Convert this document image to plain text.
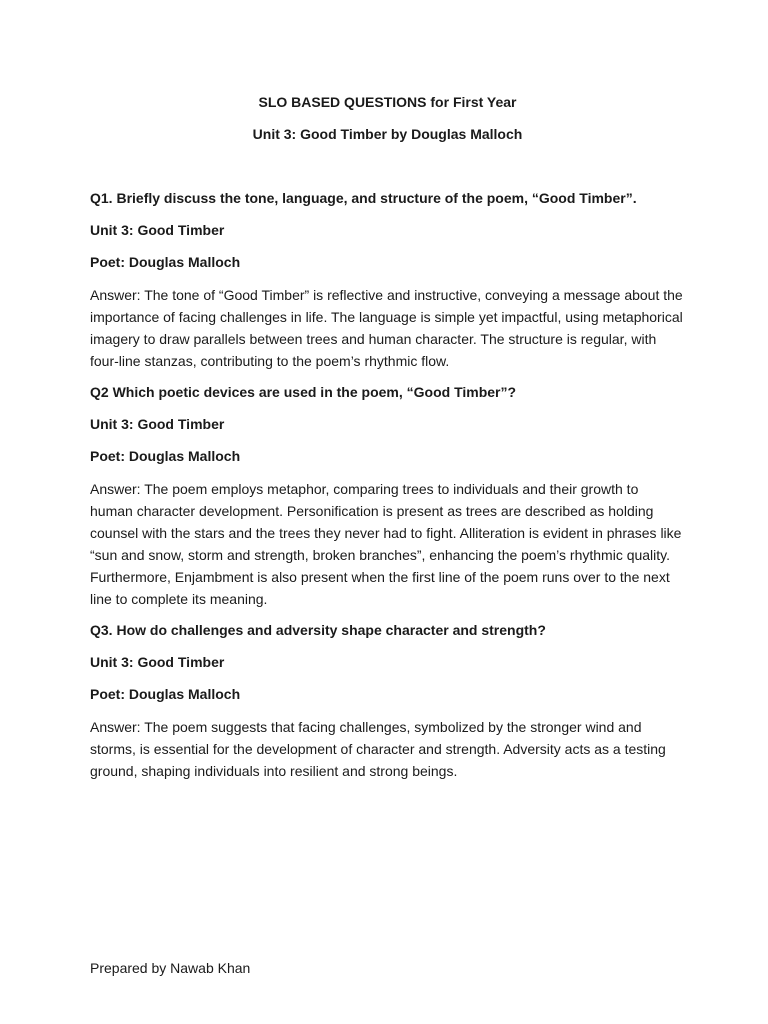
SLO BASED QUESTIONS for First Year

Unit 3: Good Timber by Douglas Malloch

Q1. Briefly discuss the tone, language, and structure of the poem, “Good Timber”.

Unit 3: Good Timber

Poet: Douglas Malloch

Answer: The tone of “Good Timber” is reflective and instructive, conveying a message about the importance of facing challenges in life. The language is simple yet impactful, using metaphorical imagery to draw parallels between trees and human character. The structure is regular, with four-line stanzas, contributing to the poem’s rhythmic flow.

Q2 Which poetic devices are used in the poem, “Good Timber”?

Unit 3: Good Timber

Poet: Douglas Malloch

Answer: The poem employs metaphor, comparing trees to individuals and their growth to human character development. Personification is present as trees are described as holding counsel with the stars and the trees they never had to fight. Alliteration is evident in phrases like “sun and snow, storm and strength, broken branches”, enhancing the poem’s rhythmic quality. Furthermore, Enjambment is also present when the first line of the poem runs over to the next line to complete its meaning.

Q3. How do challenges and adversity shape character and strength?

Unit 3: Good Timber

Poet: Douglas Malloch

Answer: The poem suggests that facing challenges, symbolized by the stronger wind and storms, is essential for the development of character and strength. Adversity acts as a testing ground, shaping individuals into resilient and strong beings.

Prepared by Nawab Khan
